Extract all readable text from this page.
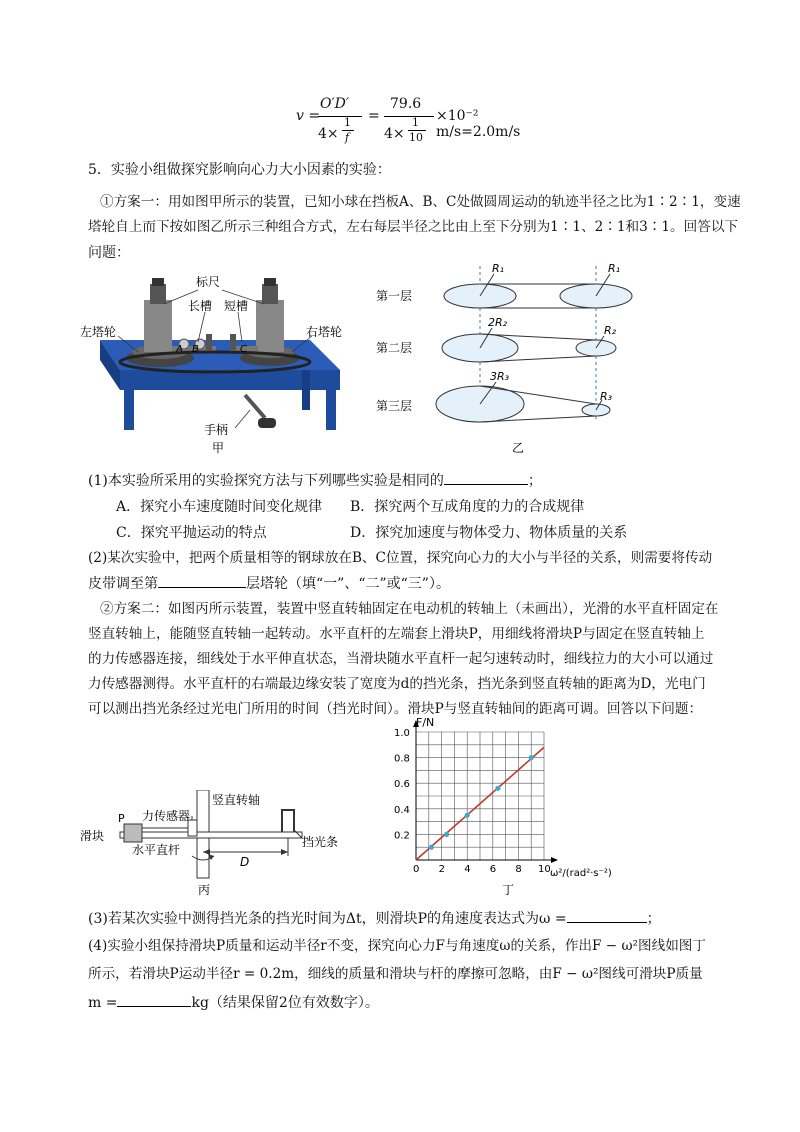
v =
O′D′
4×
1
f
=
79.6
4×
1
10
×10⁻² m/s=2.0m/s
5．实验小组做探究影响向心力大小因素的实验：
①方案一：用如图甲所示的装置，已知小球在挡板A、B、C处做圆周运动的轨迹半径之比为1∶2∶1，变速
塔轮自上而下按如图乙所示三种组合方式，左右每层半径之比由上至下分别为1∶1、2∶1和3∶1。回答以下
问题：
标尺
长槽 短槽
左塔轮	右塔轮
A B	C
手柄
甲
第一层
第二层
第三层
R₁	R₁
2R₂
R₂
3R₃
R₃
乙
(1)本实验所采用的实验探究方法与下列哪些实验是相同的	；
A．探究小车速度随时间变化规律 B．探究两个互成角度的力的合成规律
C．探究平抛运动的特点	D．探究加速度与物体受力、物体质量的关系
(2)某次实验中，把两个质量相等的钢球放在B、C位置，探究向心力的大小与半径的关系，则需要将传动
皮带调至第	层塔轮（填“一”、“二”或“三”）。
②方案二：如图丙所示装置，装置中竖直转轴固定在电动机的转轴上（未画出），光滑的水平直杆固定在
竖直转轴上，能随竖直转轴一起转动。水平直杆的左端套上滑块P，用细线将滑块P与固定在竖直转轴上
的力传感器连接，细线处于水平伸直状态，当滑块随水平直杆一起匀速转动时，细线拉力的大小可以通过
力传感器测得。水平直杆的右端最边缘安装了宽度为d的挡光条，挡光条到竖直转轴的距离为D，光电门
可以测出挡光条经过光电门所用的时间（挡光时间）。滑块P与竖直转轴间的距离可调。回答以下问题：
滑块
P 力传感器
竖直转轴
水平直杆
D
挡光条
丙
0 2 4 6 8 10
0.2
0.4
0.6
0.8
1.0
F/N
ω²/(rad²·s⁻²)
丁
(3)若某次实验中测得挡光条的挡光时间为Δt，则滑块P的角速度表达式为ω =	；
(4)实验小组保持滑块P质量和运动半径r不变，探究向心力F与角速度ω的关系，作出F − ω²图线如图丁
所示，若滑块P运动半径r = 0.2m，细线的质量和滑块与杆的摩擦可忽略，由F − ω²图线可滑块P质量
m =	kg（结果保留2位有效数字）。
